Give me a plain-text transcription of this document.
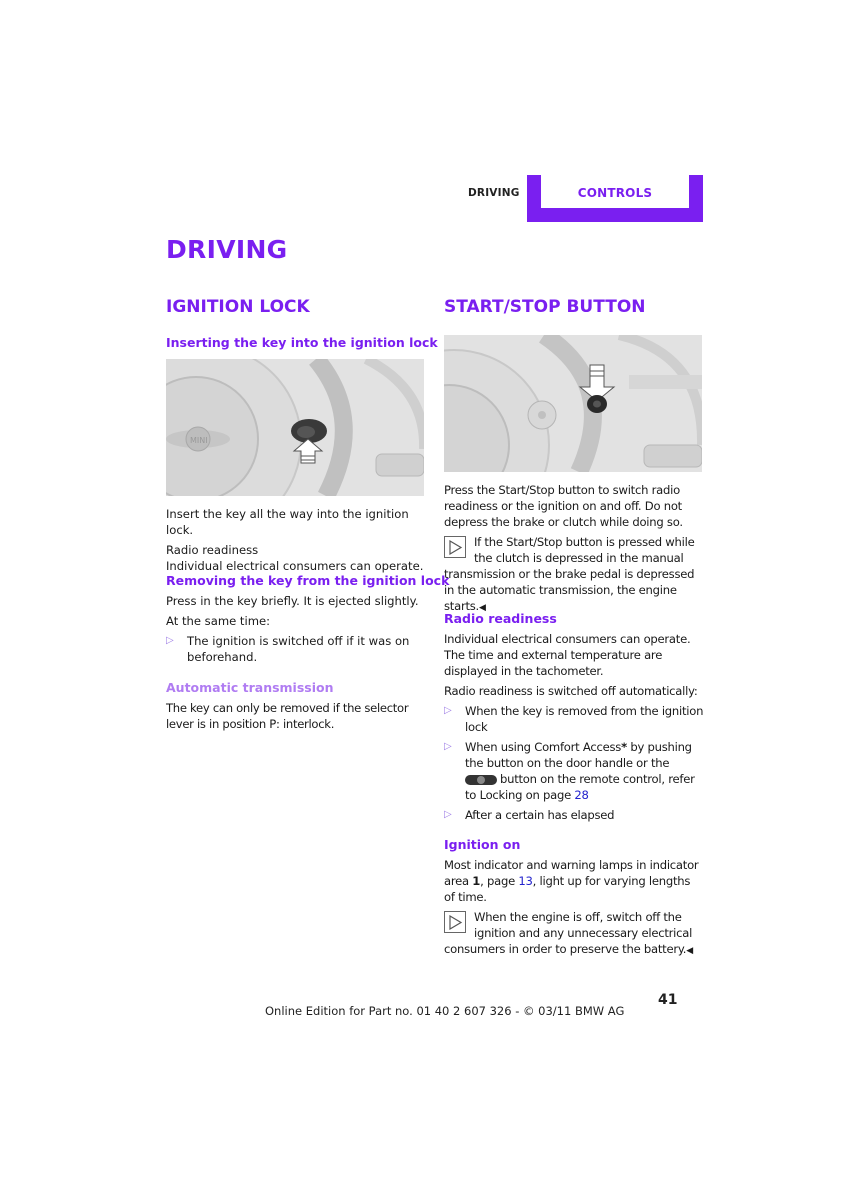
DRIVING	CONTROLS
DRIVING
IGNITION LOCK
Inserting the key into the ignition lock
MINI

Insert the key all the way into the ignition lock.

Radio readiness

Individual electrical consumers can operate.

Removing the key from the ignition lock

Press in the key briefly. It is ejected slightly.

At the same time:

▷ The ignition is switched off if it was on beforehand.
Automatic transmission

The key can only be removed if the selector lever is in position P: interlock.

START/STOP BUTTON

Press the Start/Stop button to switch radio readiness or the ignition on and off. Do not depress the brake or clutch while doing so.

If the Start/Stop button is pressed while the clutch is depressed in the manual transmission or the brake pedal is depressed in the automatic transmission, the engine starts.◀
Radio readiness

Individual electrical consumers can operate. The time and external temperature are displayed in the tachometer.

Radio readiness is switched off automatically:

▷ When the key is removed from the ignition lock
▷ When using Comfort Access* by pushing the button on the door handle or the
button on the remote control, refer to Locking on page 28
▷ After a certain has elapsed
Ignition on

Most indicator and warning lamps in indicator area 1, page 13, light up for varying lengths of time.

When the engine is off, switch off the ignition and any unnecessary electrical consumers in order to preserve the battery.◀
41
Online Edition for Part no. 01 40 2 607 326 - © 03/11 BMW AG
